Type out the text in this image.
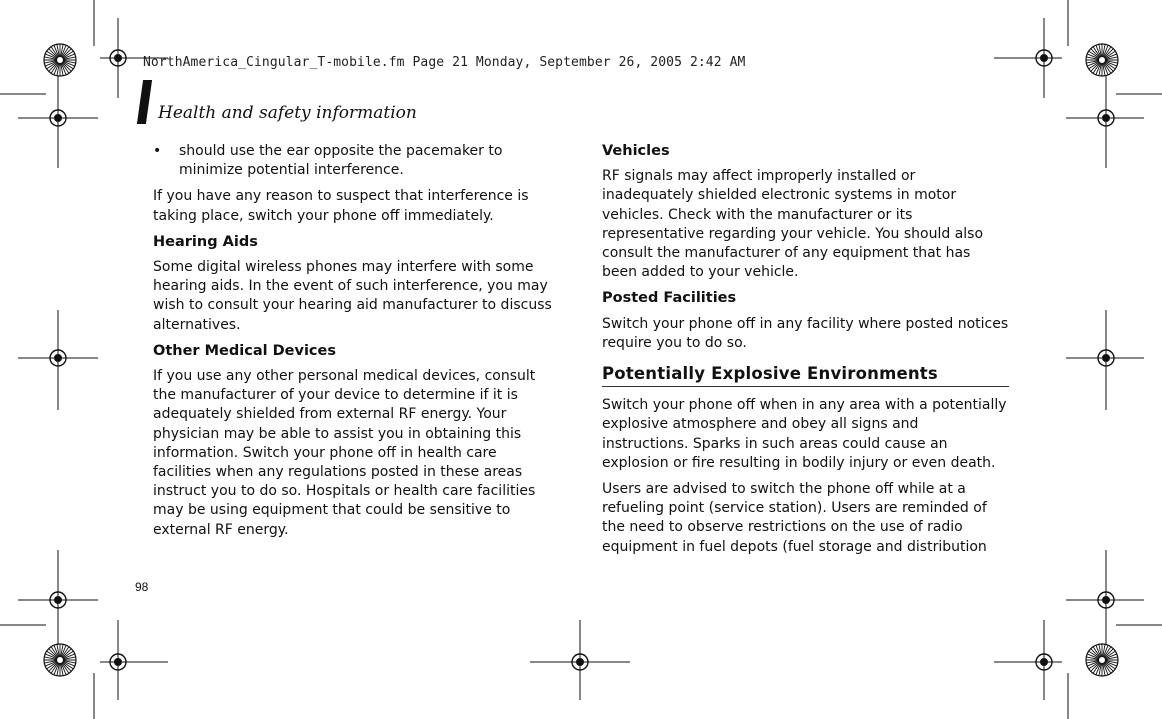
NorthAmerica_Cingular_T-mobile.fm Page 21 Monday, September 26, 2005 2:42 AM
Health and safety information
•	should use the ear opposite the pacemaker to minimize potential interference.

If you have any reason to suspect that interference is taking place, switch your phone off immediately.

Hearing Aids

Some digital wireless phones may interfere with some hearing aids. In the event of such interference, you may wish to consult your hearing aid manufacturer to discuss alternatives.

Other Medical Devices

If you use any other personal medical devices, consult the manufacturer of your device to determine if it is adequately shielded from external RF energy. Your physician may be able to assist you in obtaining this information. Switch your phone off in health care facilities when any regulations posted in these areas instruct you to do so. Hospitals or health care facilities may be using equipment that could be sensitive to external RF energy.

Vehicles

RF signals may affect improperly installed or inadequately shielded electronic systems in motor vehicles. Check with the manufacturer or its representative regarding your vehicle. You should also consult the manufacturer of any equipment that has been added to your vehicle.

Posted Facilities

Switch your phone off in any facility where posted notices require you to do so.

Potentially Explosive Environments

Switch your phone off when in any area with a potentially explosive atmosphere and obey all signs and instructions. Sparks in such areas could cause an explosion or fire resulting in bodily injury or even death.

Users are advised to switch the phone off while at a refueling point (service station). Users are reminded of the need to observe restrictions on the use of radio equipment in fuel depots (fuel storage and distribution

98
